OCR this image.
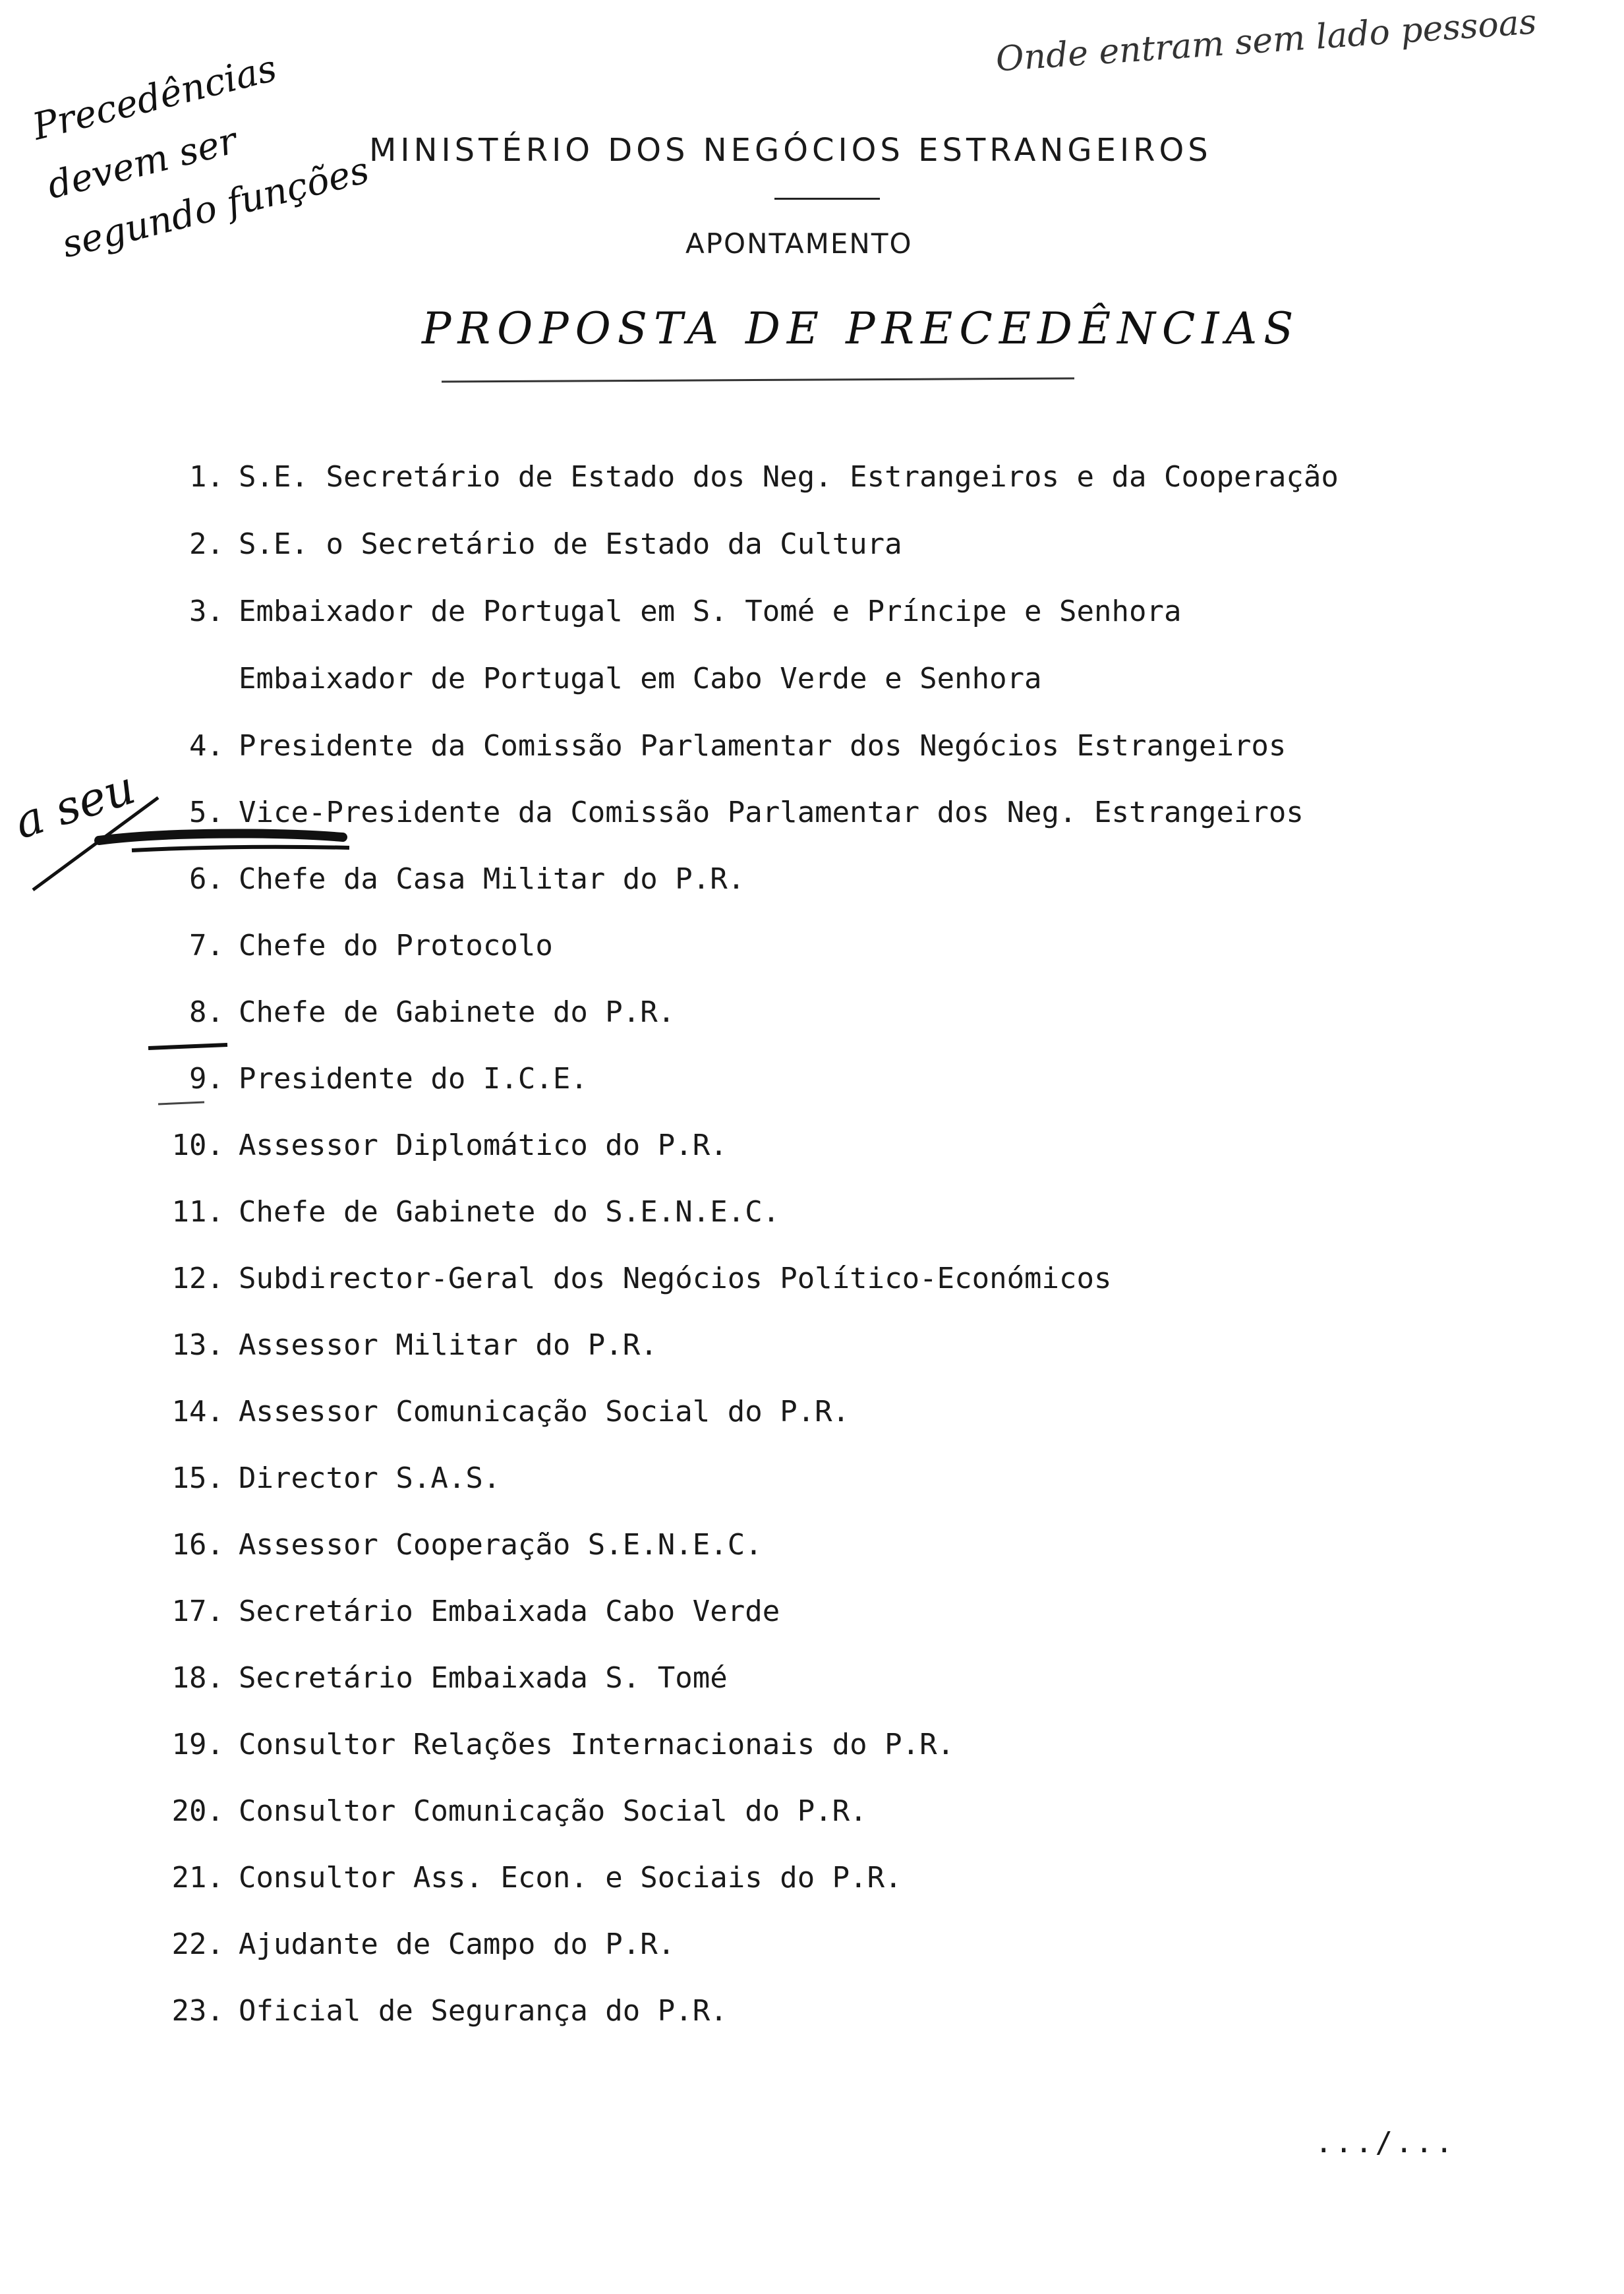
Precedências devem ser segundo funções
Onde entram sem lado pessoas
MINISTÉRIO DOS NEGÓCIOS ESTRANGEIROS
APONTAMENTO
PROPOSTA DE PRECEDÊNCIAS
1. S.E. Secretário de Estado dos Neg. Estrangeiros e da Cooperação
2. S.E. o Secretário de Estado da Cultura
3. Embaixador de Portugal em S. Tomé e Príncipe e Senhora
Embaixador de Portugal em Cabo Verde e Senhora
4. Presidente da Comissão Parlamentar dos Negócios Estrangeiros
5. Vice-Presidente da Comissão Parlamentar dos Neg. Estrangeiros
6. Chefe da Casa Militar do P.R.
7. Chefe do Protocolo
8. Chefe de Gabinete do P.R.
9. Presidente do I.C.E.
10. Assessor Diplomático do P.R.
11. Chefe de Gabinete do S.E.N.E.C.
12. Subdirector-Geral dos Negócios Político-Económicos
13. Assessor Militar do P.R.
14. Assessor Comunicação Social do P.R.
15. Director S.A.S.
16. Assessor Cooperação S.E.N.E.C.
17. Secretário Embaixada Cabo Verde
18. Secretário Embaixada S. Tomé
19. Consultor Relações Internacionais do P.R.
20. Consultor Comunicação Social do P.R.
21. Consultor Ass. Econ. e Sociais do P.R.
22. Ajudante de Campo do P.R.
23. Oficial de Segurança do P.R.
a seu
.../...
